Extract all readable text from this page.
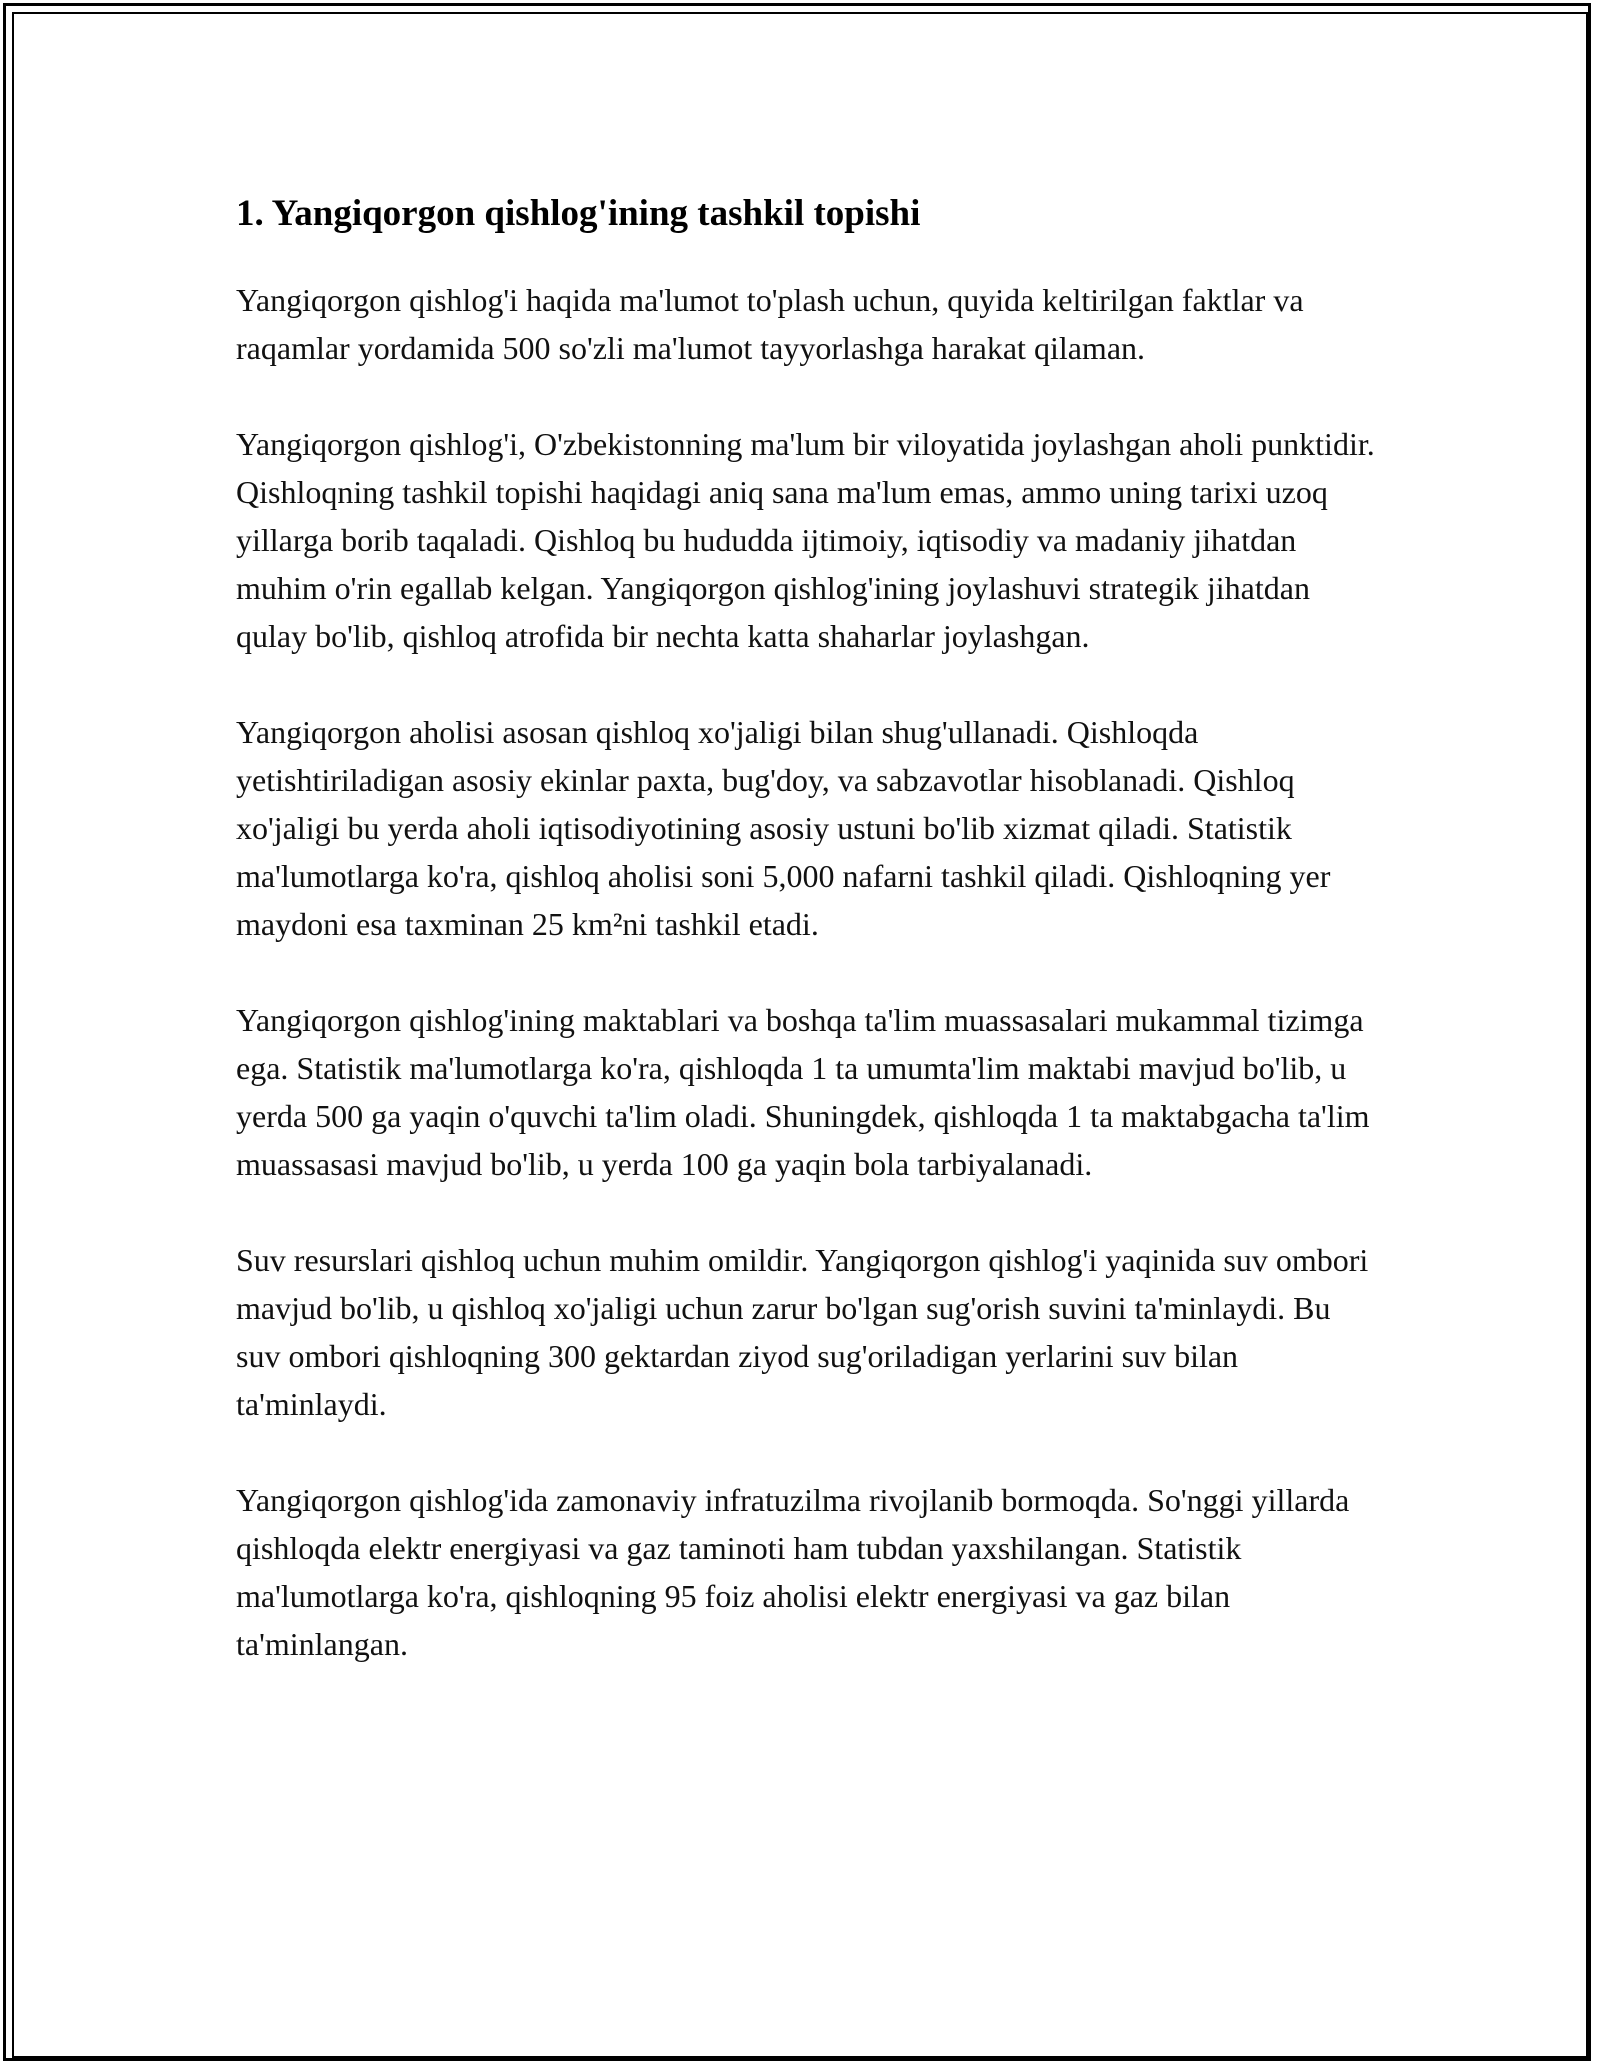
1. Yangiqorgon qishlog'ining tashkil topishi

Yangiqorgon qishlog'i haqida ma'lumot to'plash uchun, quyida keltirilgan faktlar va raqamlar yordamida 500 so'zli ma'lumot tayyorlashga harakat qilaman.

Yangiqorgon qishlog'i, O'zbekistonning ma'lum bir viloyatida joylashgan aholi punktidir. Qishloqning tashkil topishi haqidagi aniq sana ma'lum emas, ammo uning tarixi uzoq yillarga borib taqaladi. Qishloq bu hududda ijtimoiy, iqtisodiy va madaniy jihatdan muhim o'rin egallab kelgan. Yangiqorgon qishlog'ining joylashuvi strategik jihatdan qulay bo'lib, qishloq atrofida bir nechta katta shaharlar joylashgan.

Yangiqorgon aholisi asosan qishloq xo'jaligi bilan shug'ullanadi. Qishloqda yetishtiriladigan asosiy ekinlar paxta, bug'doy, va sabzavotlar hisoblanadi. Qishloq xo'jaligi bu yerda aholi iqtisodiyotining asosiy ustuni bo'lib xizmat qiladi. Statistik ma'lumotlarga ko'ra, qishloq aholisi soni 5,000 nafarni tashkil qiladi. Qishloqning yer maydoni esa taxminan 25 km²ni tashkil etadi.

Yangiqorgon qishlog'ining maktablari va boshqa ta'lim muassasalari mukammal tizimga ega. Statistik ma'lumotlarga ko'ra, qishloqda 1 ta umumta'lim maktabi mavjud bo'lib, u yerda 500 ga yaqin o'quvchi ta'lim oladi. Shuningdek, qishloqda 1 ta maktabgacha ta'lim muassasasi mavjud bo'lib, u yerda 100 ga yaqin bola tarbiyalanadi.

Suv resurslari qishloq uchun muhim omildir. Yangiqorgon qishlog'i yaqinida suv ombori mavjud bo'lib, u qishloq xo'jaligi uchun zarur bo'lgan sug'orish suvini ta'minlaydi. Bu suv ombori qishloqning 300 gektardan ziyod sug'oriladigan yerlarini suv bilan ta'minlaydi.

Yangiqorgon qishlog'ida zamonaviy infratuzilma rivojlanib bormoqda. So'nggi yillarda qishloqda elektr energiyasi va gaz taminoti ham tubdan yaxshilangan. Statistik ma'lumotlarga ko'ra, qishloqning 95 foiz aholisi elektr energiyasi va gaz bilan ta'minlangan.
